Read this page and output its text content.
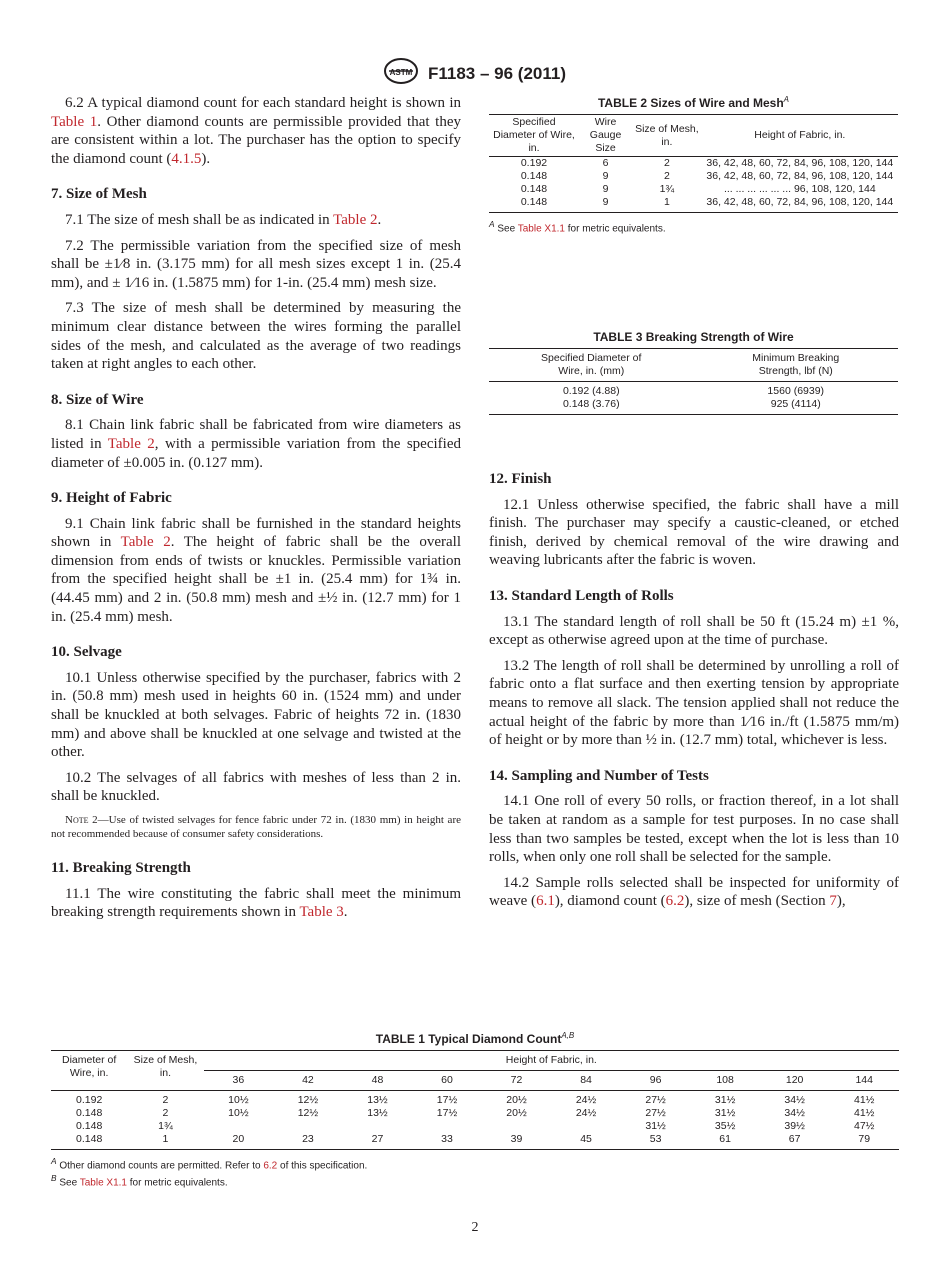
ASTM F1183 – 96 (2011)

6.2 A typical diamond count for each standard height is shown in Table 1. Other diamond counts are permissible provided that they are consistent within a lot. The purchaser has the option to specify the diamond count (4.1.5).

7. Size of Mesh

7.1 The size of mesh shall be as indicated in Table 2.

7.2 The permissible variation from the specified size of mesh shall be ±1⁄8 in. (3.175 mm) for all mesh sizes except 1 in. (25.4 mm), and ± 1⁄16 in. (1.5875 mm) for 1-in. (25.4 mm) mesh size.

7.3 The size of mesh shall be determined by measuring the minimum clear distance between the wires forming the parallel sides of the mesh, and calculated as the average of two readings taken at right angles to each other.

8. Size of Wire

8.1 Chain link fabric shall be fabricated from wire diameters as listed in Table 2, with a permissible variation from the specified diameter of ±0.005 in. (0.127 mm).

9. Height of Fabric

9.1 Chain link fabric shall be furnished in the standard heights shown in Table 2. The height of fabric shall be the overall dimension from ends of twists or knuckles. Permissible variation from the specified height shall be ±1 in. (25.4 mm) for 1¾ in. (44.45 mm) and 2 in. (50.8 mm) mesh and ±½ in. (12.7 mm) for 1 in. (25.4 mm) mesh.

10. Selvage

10.1 Unless otherwise specified by the purchaser, fabrics with 2 in. (50.8 mm) mesh used in heights 60 in. (1524 mm) and under shall be knuckled at both selvages. Fabric of heights 72 in. (1830 mm) and above shall be knuckled at one selvage and twisted at the other.

10.2 The selvages of all fabrics with meshes of less than 2 in. shall be knuckled.

Note 2—Use of twisted selvages for fence fabric under 72 in. (1830 mm) in height are not recommended because of consumer safety considerations.
11. Breaking Strength

11.1 The wire constituting the fabric shall meet the minimum breaking strength requirements shown in Table 3.

TABLE 2 Sizes of Wire and Mesh$^A$
Specified Diameter of Wire, in.	Wire Gauge Size	Size of Mesh, in.	Height of Fabric, in.
0.192	6	2	36, 42, 48, 60, 72, 84, 96, 108, 120, 144
0.148	9	2	36, 42, 48, 60, 72, 84, 96, 108, 120, 144
0.148	9	1¾	... ... ... ... ... ... 96, 108, 120, 144
0.148	9	1	36, 42, 48, 60, 72, 84, 96, 108, 120, 144
$^A$ See Table X1.1 for metric equivalents.
TABLE 3 Breaking Strength of Wire
Specified Diameter of Wire, in. (mm)	Minimum Breaking Strength, lbf (N)
0.192 (4.88)	1560 (6939)
0.148 (3.76)	925 (4114)
12. Finish

12.1 Unless otherwise specified, the fabric shall have a mill finish. The purchaser may specify a caustic-cleaned, or etched finish, derived by chemical removal of the wire drawing and weaving lubricants after the fabric is woven.

13. Standard Length of Rolls

13.1 The standard length of roll shall be 50 ft (15.24 m) ±1 %, except as otherwise agreed upon at the time of purchase.

13.2 The length of roll shall be determined by unrolling a roll of fabric onto a flat surface and then exerting tension by appropriate means to remove all slack. The tension applied shall not reduce the actual height of the fabric by more than 1⁄16 in./ft (1.5875 mm/m) of height or by more than ½ in. (12.7 mm) total, whichever is less.

14. Sampling and Number of Tests

14.1 One roll of every 50 rolls, or fraction thereof, in a lot shall be taken at random as a sample for test purposes. In no case shall less than two samples be tested, except when the lot is less than 10 rolls, when only one roll shall be selected for the sample.

14.2 Sample rolls selected shall be inspected for uniformity of weave (6.1), diamond count (6.2), size of mesh (Section 7),

TABLE 1 Typical Diamond Count$^{A,B}$
Diameter of Wire, in.	Size of Mesh, in.	Height of Fabric, in.									
		36	42	48	60	72	84	96	108	120	144
0.192	2	10½	12½	13½	17½	20½	24½	27½	31½	34½	41½
0.148	2	10½	12½	13½	17½	20½	24½	27½	31½	34½	41½
0.148	1¾							31½	35½	39½	47½
0.148	1	20	23	27	33	39	45	53	61	67	79
$^A$ Other diamond counts are permitted. Refer to 6.2 of this specification.
$^B$ See Table X1.1 for metric equivalents.
2
